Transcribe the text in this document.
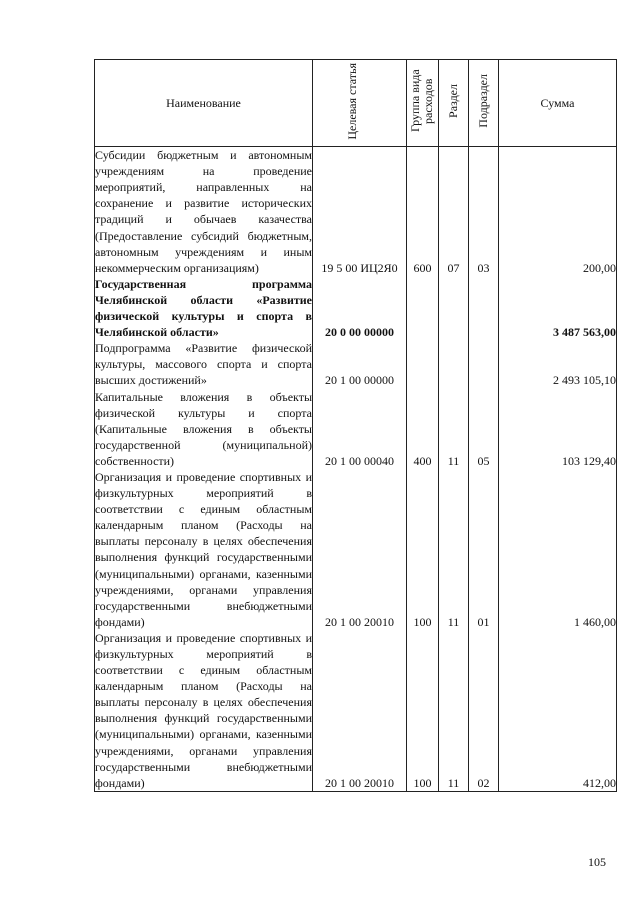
Наименование	Целевая статья	Группа вида расходов	Раздел	Подраздел	Сумма
Субсидии бюджетным и автономным учреждениям на проведение мероприятий, направленных на сохранение и развитие исторических традиций и обычаев казачества (Предоставление субсидий бюджетным, автономным учреждениям и иным некоммерческим организациям)	19 5 00 ИЦ2Я0	600	07	03	200,00
Государственная программа Челябинской области «Развитие физической культуры и спорта в Челябинской области»	20 0 00 00000				3 487 563,00
Подпрограмма «Развитие физической культуры, массового спорта и спорта высших достижений»	20 1 00 00000				2 493 105,10
Капитальные вложения в объекты физической культуры и спорта (Капитальные вложения в объекты государственной (муниципальной) собственности)	20 1 00 00040	400	11	05	103 129,40
Организация и проведение спортивных и физкультурных мероприятий в соответствии с единым областным календарным планом (Расходы на выплаты персоналу в целях обеспечения выполнения функций государственными (муниципальными) органами, казенными учреждениями, органами управления государственными внебюджетными фондами)	20 1 00 20010	100	11	01	1 460,00
Организация и проведение спортивных и физкультурных мероприятий в соответствии с единым областным календарным планом (Расходы на выплаты персоналу в целях обеспечения выполнения функций государственными (муниципальными) органами, казенными учреждениями, органами управления государственными внебюджетными фондами)	20 1 00 20010	100	11	02	412,00
105
